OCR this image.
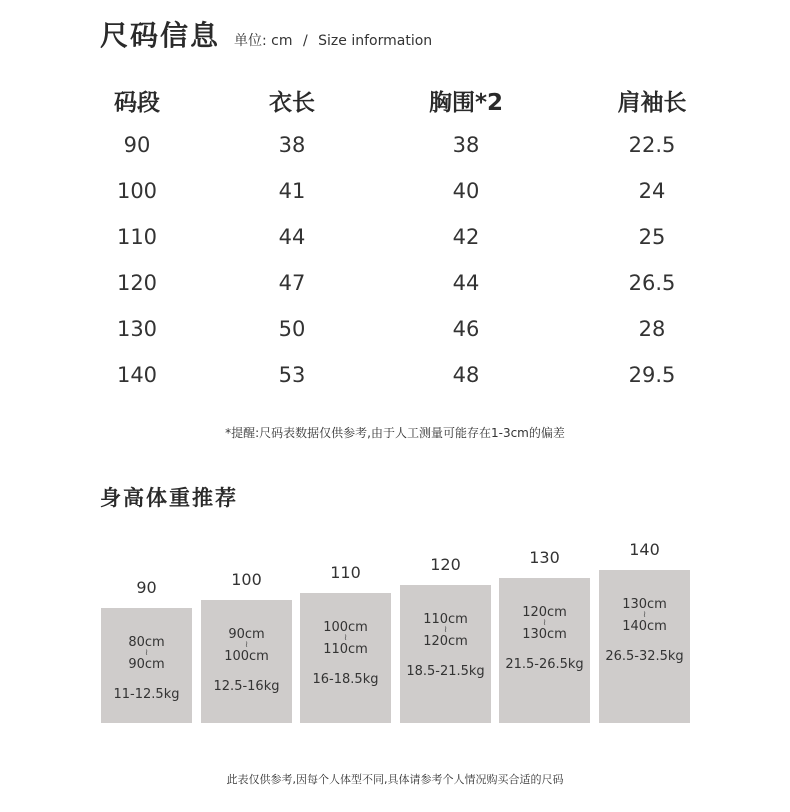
尺码信息 单位: cm / Size information
码段	衣长	胸围*2	肩袖长
90	38	38	22.5
100	41	40	24
110	44	42	25
120	47	44	26.5
130	50	46	28
140	53	48	29.5
*提醒:尺码表数据仅供参考,由于人工测量可能存在1-3cm的偏差
身高体重推荐
90
80cm
≀
90cm
11-12.5kg
100
90cm
≀
100cm
12.5-16kg
110
100cm
≀
110cm
16-18.5kg
120
110cm
≀
120cm
18.5-21.5kg
130
120cm
≀
130cm
21.5-26.5kg
140
130cm
≀
140cm
26.5-32.5kg
此表仅供参考,因每个人体型不同,具体请参考个人情况购买合适的尺码
